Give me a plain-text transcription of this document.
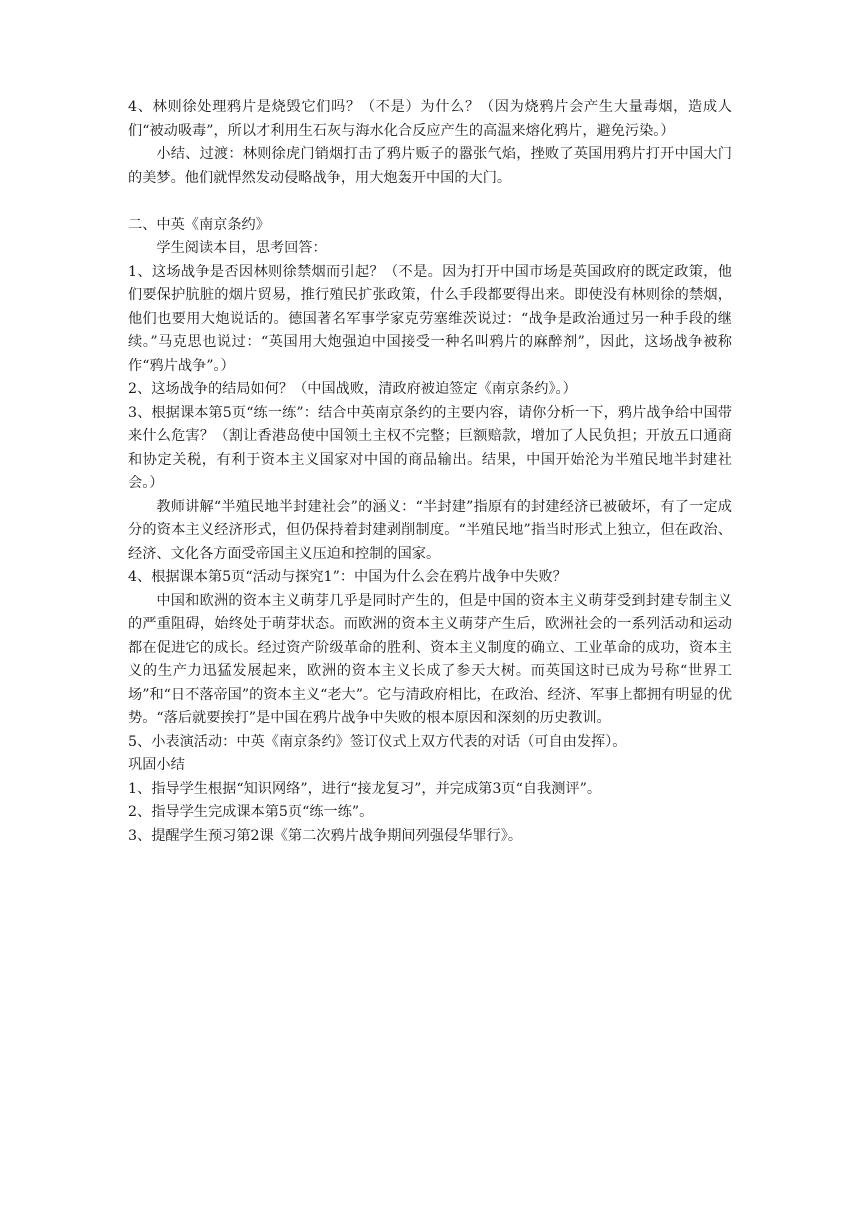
4、林则徐处理鸦片是烧毁它们吗？（不是）为什么？（因为烧鸦片会产生大量毒烟，造成人们“被动吸毒”，所以才利用生石灰与海水化合反应产生的高温来熔化鸦片，避免污染。）

小结、过渡：林则徐虎门销烟打击了鸦片贩子的嚣张气焰，挫败了英国用鸦片打开中国大门的美梦。他们就悍然发动侵略战争，用大炮轰开中国的大门。

二、中英《南京条约》

学生阅读本目，思考回答：

1、这场战争是否因林则徐禁烟而引起？（不是。因为打开中国市场是英国政府的既定政策，他们要保护肮脏的烟片贸易，推行殖民扩张政策，什么手段都要得出来。即使没有林则徐的禁烟，他们也要用大炮说话的。德国著名军事学家克劳塞维茨说过：“战争是政治通过另一种手段的继续。”马克思也说过：“英国用大炮强迫中国接受一种名叫鸦片的麻醉剂”，因此，这场战争被称作“鸦片战争”。）

2、这场战争的结局如何？（中国战败，清政府被迫签定《南京条约》。）

3、根据课本第5页“练一练”：结合中英南京条约的主要内容，请你分析一下，鸦片战争给中国带来什么危害？（割让香港岛使中国领土主权不完整；巨额赔款，增加了人民负担；开放五口通商和协定关税，有利于资本主义国家对中国的商品输出。结果，中国开始沦为半殖民地半封建社会。）

教师讲解“半殖民地半封建社会”的涵义：“半封建”指原有的封建经济已被破坏，有了一定成分的资本主义经济形式，但仍保持着封建剥削制度。“半殖民地”指当时形式上独立，但在政治、经济、文化各方面受帝国主义压迫和控制的国家。

4、根据课本第5页“活动与探究1”：中国为什么会在鸦片战争中失败？

中国和欧洲的资本主义萌芽几乎是同时产生的，但是中国的资本主义萌芽受到封建专制主义的严重阻碍，始终处于萌芽状态。而欧洲的资本主义萌芽产生后，欧洲社会的一系列活动和运动都在促进它的成长。经过资产阶级革命的胜利、资本主义制度的确立、工业革命的成功，资本主义的生产力迅猛发展起来，欧洲的资本主义长成了参天大树。而英国这时已成为号称“世界工场”和“日不落帝国”的资本主义“老大”。它与清政府相比，在政治、经济、军事上都拥有明显的优势。“落后就要挨打”是中国在鸦片战争中失败的根本原因和深刻的历史教训。

5、小表演活动：中英《南京条约》签订仪式上双方代表的对话（可自由发挥）。

巩固小结

1、指导学生根据“知识网络”，进行“接龙复习”，并完成第3页“自我测评”。

2、指导学生完成课本第5页“练一练”。

3、提醒学生预习第2课《第二次鸦片战争期间列强侵华罪行》。
